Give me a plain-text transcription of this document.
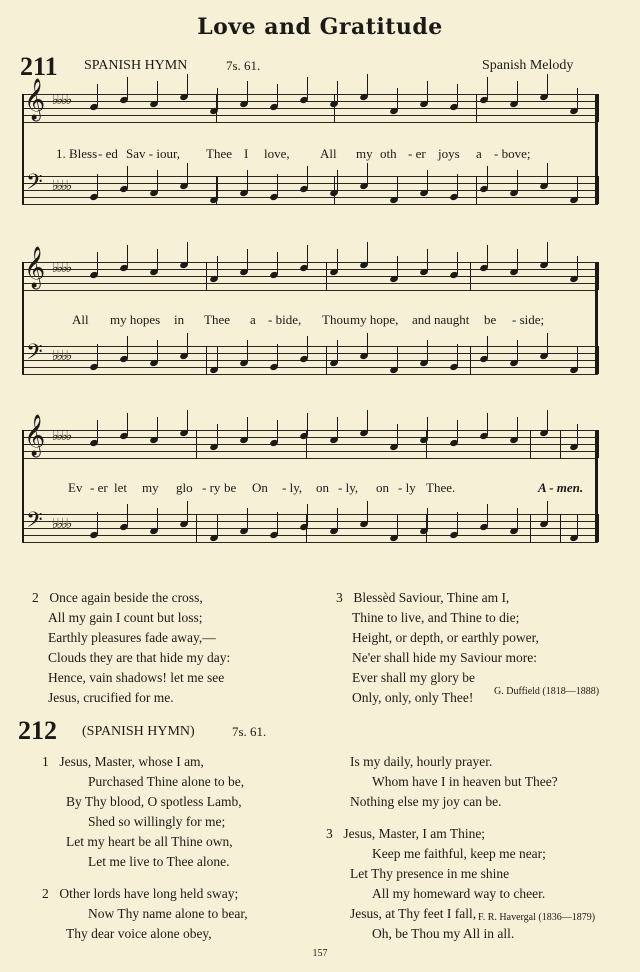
Love and Gratitude
211 SPANISH HYMN	7s. 61.	Spanish Melody
𝄞
𝄢
♭♭♭♭
♭♭♭♭
𝄞
𝄢
♭♭♭♭
♭♭♭♭
𝄞
𝄢
♭♭♭♭
♭♭♭♭
1. Bless - ed Sav - iour, Thee I love, All my oth - er joys a - bove;
All my hopes in Thee a - bide, Thou my hope, and naught be - side;
Ev - er let my glo - ry be On - ly, on - ly, on - ly Thee.	A - men.
2 Once again beside the cross,
All my gain I count but loss;
Earthly pleasures fade away,—
Clouds they are that hide my day:
Hence, vain shadows! let me see
Jesus, crucified for me.
3 Blessèd Saviour, Thine am I,
Thine to live, and Thine to die;
Height, or depth, or earthly power,
Ne'er shall hide my Saviour more:
Ever shall my glory be
Only, only, only Thee!	G. Duffield (1818—1888)
212 (SPANISH HYMN)	7s. 61.
1 Jesus, Master, whose I am,
Purchased Thine alone to be,
By Thy blood, O spotless Lamb,
Shed so willingly for me;
Let my heart be all Thine own,
Let me live to Thee alone.
2 Other lords have long held sway;
Now Thy name alone to bear,
Thy dear voice alone obey,
Is my daily, hourly prayer.
Whom have I in heaven but Thee?
Nothing else my joy can be.
3 Jesus, Master, I am Thine;
Keep me faithful, keep me near;
Let Thy presence in me shine
All my homeward way to cheer.
Jesus, at Thy feet I fall,
Oh, be Thou my All in all.
F. R. Havergal (1836—1879)
157
